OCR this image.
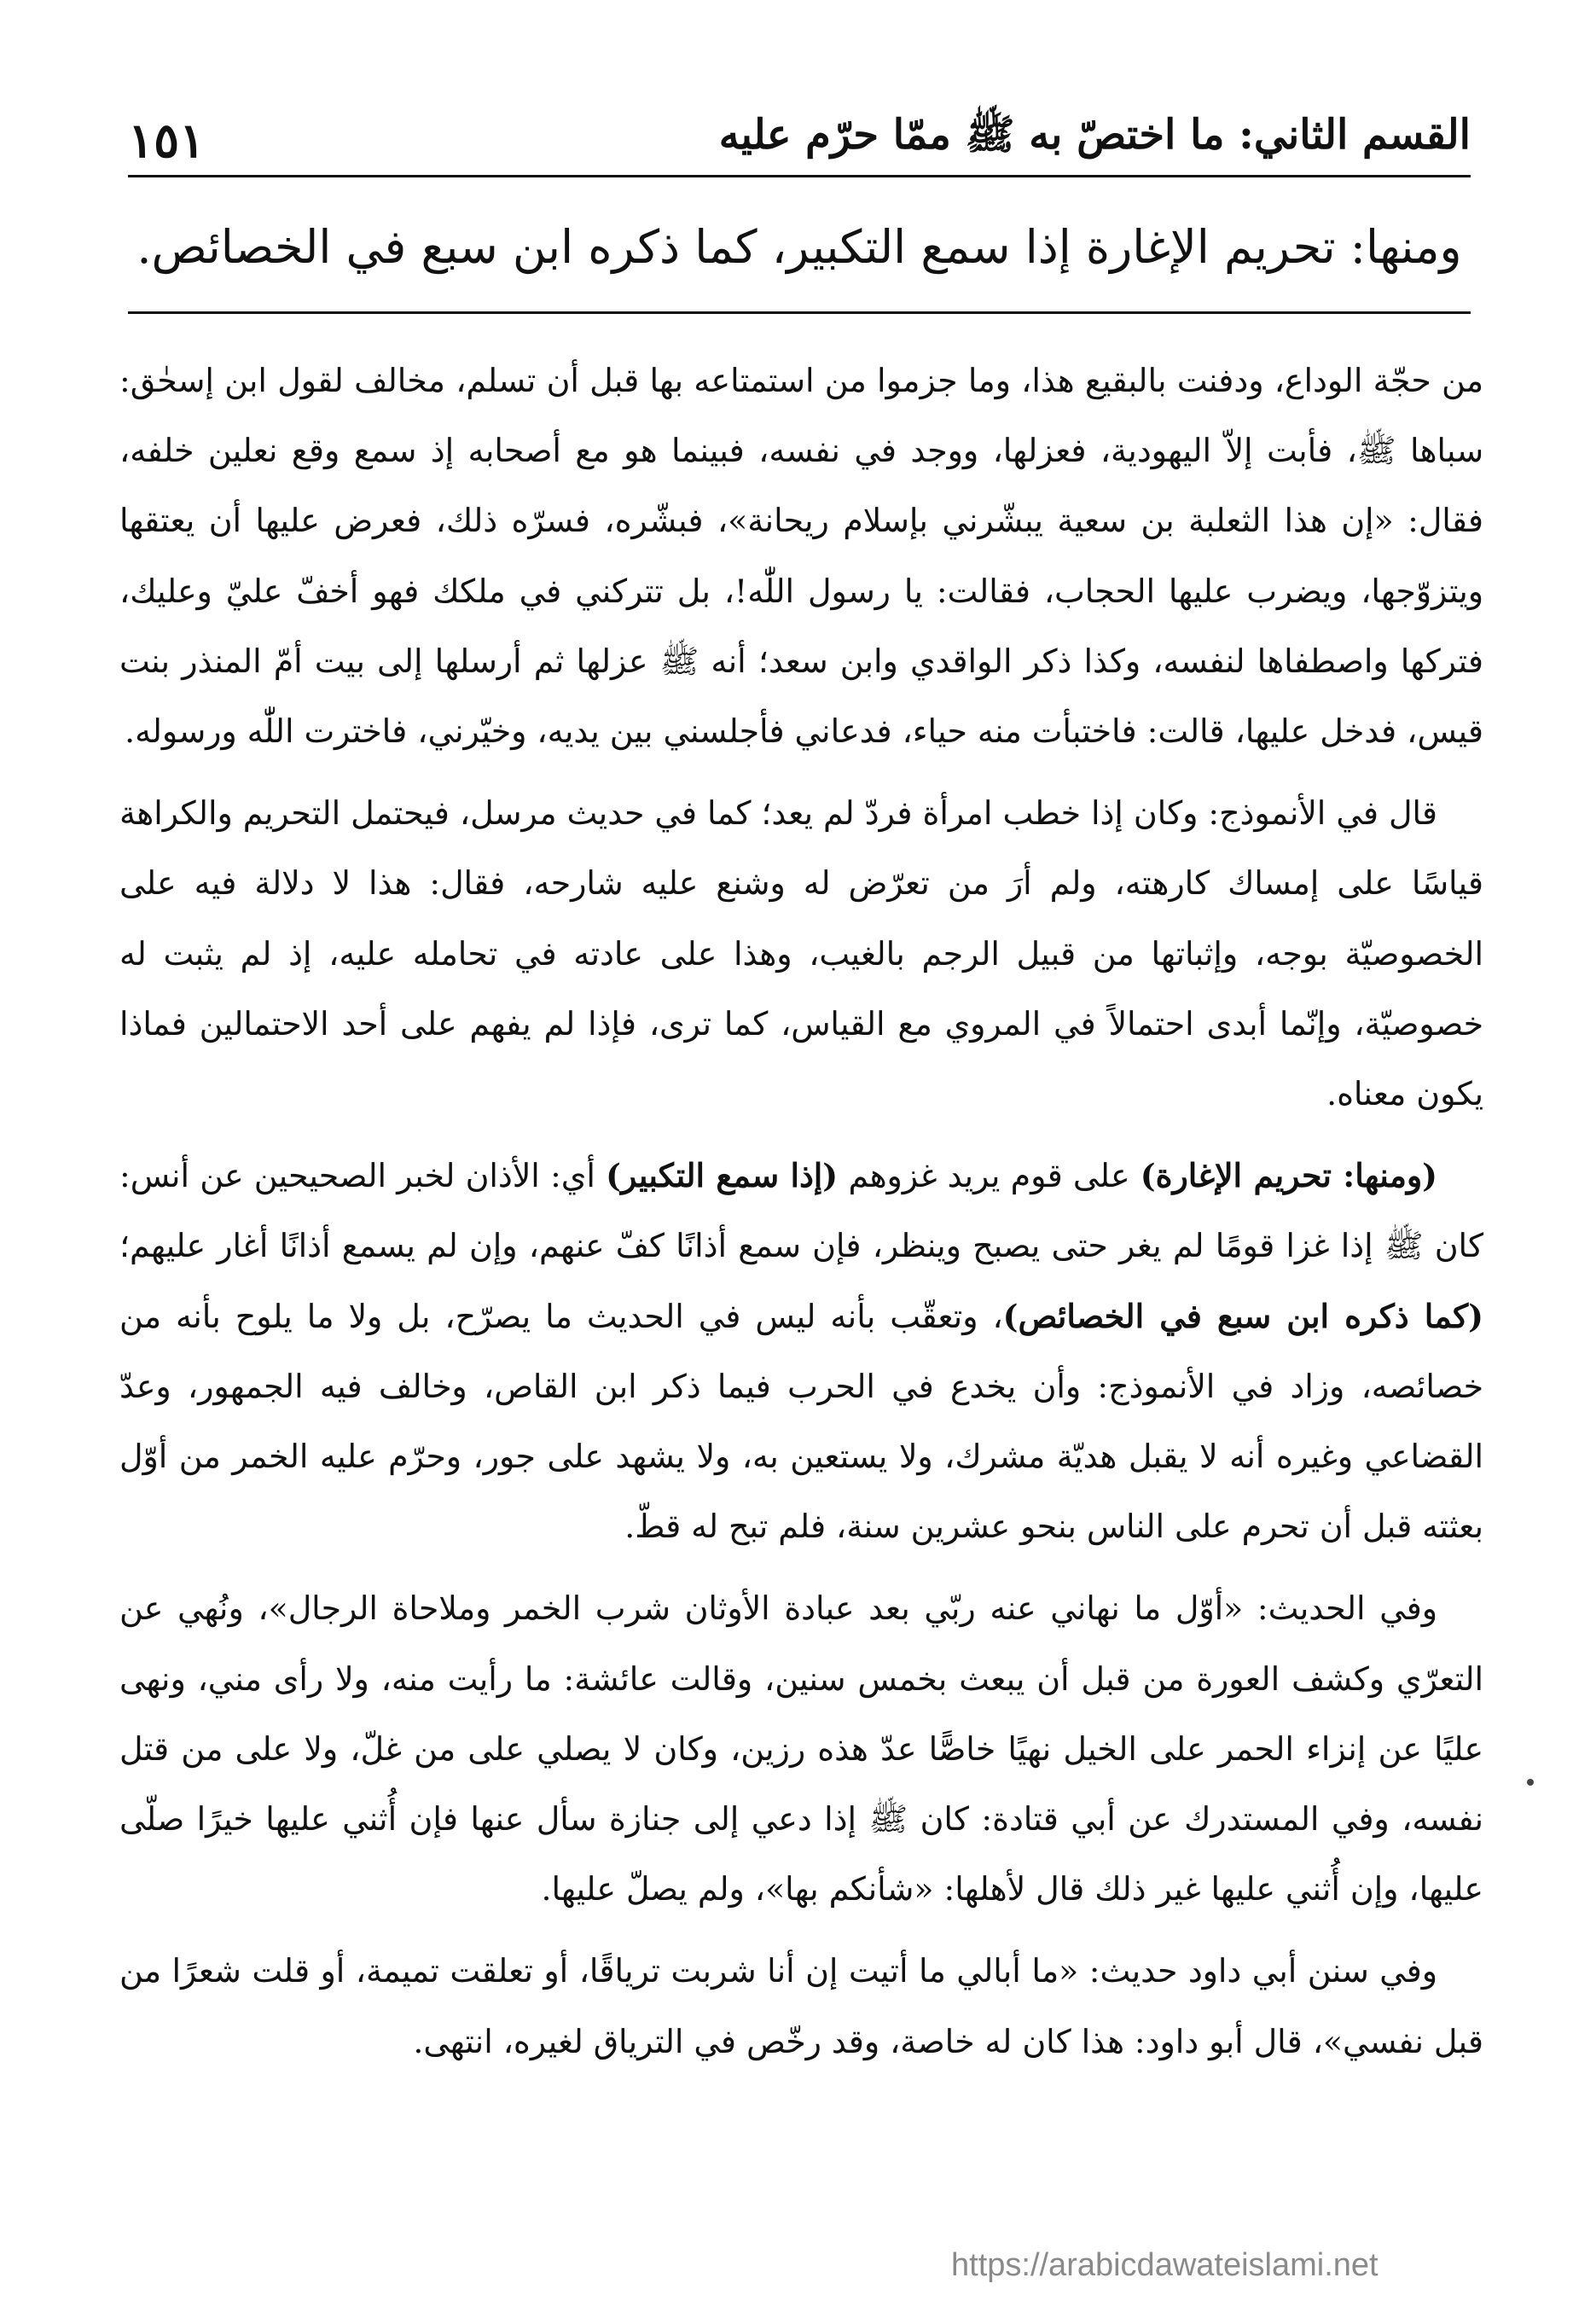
القسم الثاني: ما اختصّ به ﷺ ممّا حرّم عليه
١٥١
ومنها: تحريم الإغارة إذا سمع التكبير، كما ذكره ابن سبع في الخصائص.

من حجّة الوداع، ودفنت بالبقيع هذا، وما جزموا من استمتاعه بها قبل أن تسلم، مخالف لقول ابن إسحٰق: سباها ﷺ، فأبت إلاّ اليهودية، فعزلها، ووجد في نفسه، فبينما هو مع أصحابه إذ سمع وقع نعلين خلفه، فقال: «إن هذا الثعلبة بن سعية يبشّرني بإسلام ريحانة»، فبشّره، فسرّه ذلك، فعرض عليها أن يعتقها ويتزوّجها، ويضرب عليها الحجاب، فقالت: يا رسول اللّٰه!، بل تتركني في ملكك فهو أخفّ عليّ وعليك، فتركها واصطفاها لنفسه، وكذا ذكر الواقدي وابن سعد؛ أنه ﷺ عزلها ثم أرسلها إلى بيت أمّ المنذر بنت قيس، فدخل عليها، قالت: فاختبأت منه حياء، فدعاني فأجلسني بين يديه، وخيّرني، فاخترت اللّٰه ورسوله.

قال في الأنموذج: وكان إذا خطب امرأة فردّ لم يعد؛ كما في حديث مرسل، فيحتمل التحريم والكراهة قياسًا على إمساك كارهته، ولم أرَ من تعرّض له وشنع عليه شارحه، فقال: هذا لا دلالة فيه على الخصوصيّة بوجه، وإثباتها من قبيل الرجم بالغيب، وهذا على عادته في تحامله عليه، إذ لم يثبت له خصوصيّة، وإنّما أبدى احتمالاً في المروي مع القياس، كما ترى، فإذا لم يفهم على أحد الاحتمالين فماذا يكون معناه.

(ومنها: تحريم الإغارة) على قوم يريد غزوهم (إذا سمع التكبير) أي: الأذان لخبر الصحيحين عن أنس: كان ﷺ إذا غزا قومًا لم يغر حتى يصبح وينظر، فإن سمع أذانًا كفّ عنهم، وإن لم يسمع أذانًا أغار عليهم؛ (كما ذكره ابن سبع في الخصائص)، وتعقّب بأنه ليس في الحديث ما يصرّح، بل ولا ما يلوح بأنه من خصائصه، وزاد في الأنموذج: وأن يخدع في الحرب فيما ذكر ابن القاص، وخالف فيه الجمهور، وعدّ القضاعي وغيره أنه لا يقبل هديّة مشرك، ولا يستعين به، ولا يشهد على جور، وحرّم عليه الخمر من أوّل بعثته قبل أن تحرم على الناس بنحو عشرين سنة، فلم تبح له قطّ.

وفي الحديث: «أوّل ما نهاني عنه ربّي بعد عبادة الأوثان شرب الخمر وملاحاة الرجال»، ونُهي عن التعرّي وكشف العورة من قبل أن يبعث بخمس سنين، وقالت عائشة: ما رأيت منه، ولا رأى مني، ونهى عليًا عن إنزاء الحمر على الخيل نهيًا خاصًّا عدّ هذه رزين، وكان لا يصلي على من غلّ، ولا على من قتل نفسه، وفي المستدرك عن أبي قتادة: كان ﷺ إذا دعي إلى جنازة سأل عنها فإن أُثني عليها خيرًا صلّى عليها، وإن أُثني عليها غير ذلك قال لأهلها: «شأنكم بها»، ولم يصلّ عليها.

وفي سنن أبي داود حديث: «ما أبالي ما أتيت إن أنا شربت ترياقًا، أو تعلقت تميمة، أو قلت شعرًا من قبل نفسي»، قال أبو داود: هذا كان له خاصة، وقد رخّص في الترياق لغيره، انتهى.

https://arabicdawateislami.net
